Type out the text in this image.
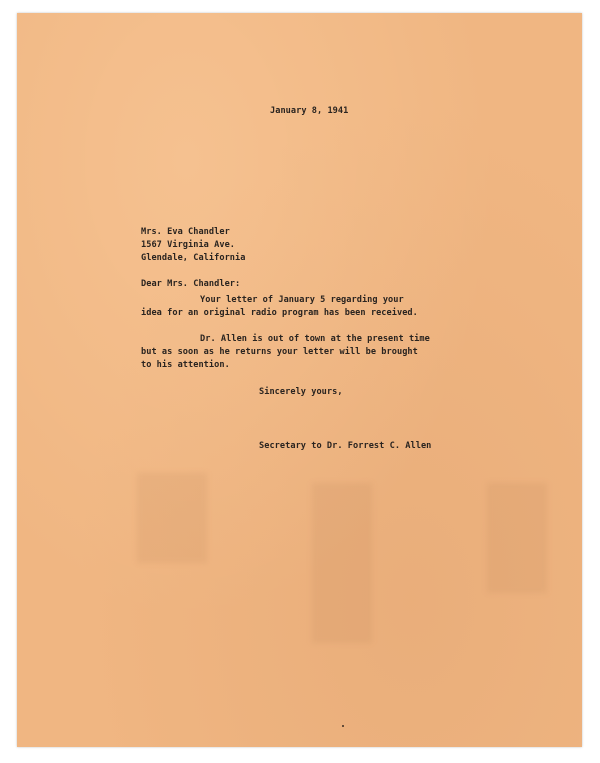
January 8, 1941
Mrs. Eva Chandler
1567 Virginia Ave.
Glendale, California
Dear Mrs. Chandler:
Your letter of January 5 regarding your
idea for an original radio program has been received.
Dr. Allen is out of town at the present time
but as soon as he returns your letter will be brought
to his attention.
Sincerely yours,
Secretary to Dr. Forrest C. Allen
